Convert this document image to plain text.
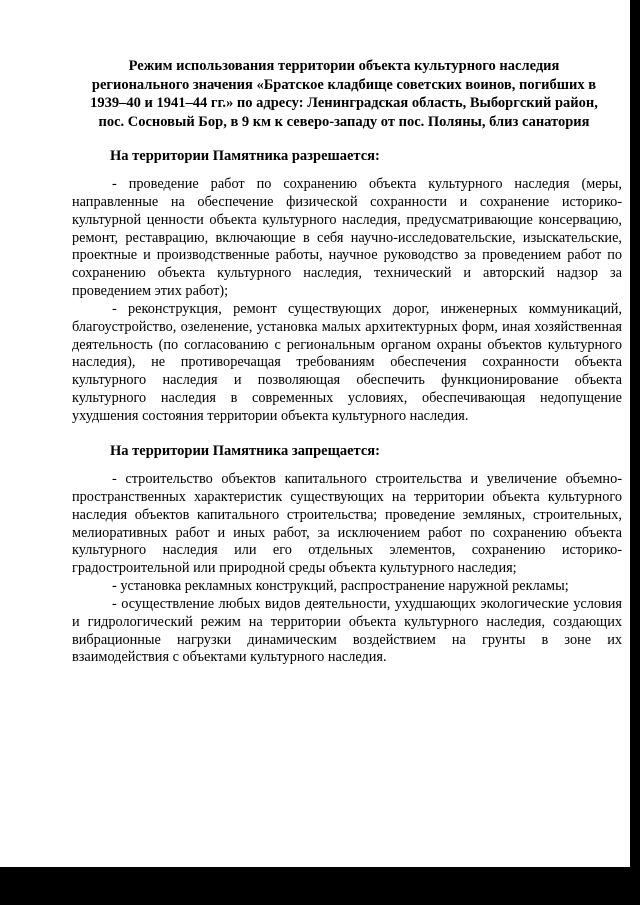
Режим использования территории объекта культурного наследия
регионального значения «Братское кладбище советских воинов, погибших в
1939–40 и 1941–44 гг.» по адресу: Ленинградская область, Выборгский район,
пос. Сосновый Бор, в 9 км к северо-западу от пос. Поляны, близ санатория
На территории Памятника разрешается:

- проведение работ по сохранению объекта культурного наследия (меры, направленные на обеспечение физической сохранности и сохранение историко-культурной ценности объекта культурного наследия, предусматривающие консервацию, ремонт, реставрацию, включающие в себя научно-исследовательские, изыскательские, проектные и производственные работы, научное руководство за проведением работ по сохранению объекта культурного наследия, технический и авторский надзор за проведением этих работ);

- реконструкция, ремонт существующих дорог, инженерных коммуникаций, благоустройство, озеленение, установка малых архитектурных форм, иная хозяйственная деятельность (по согласованию с региональным органом охраны объектов культурного наследия), не противоречащая требованиям обеспечения сохранности объекта культурного наследия и позволяющая обеспечить функционирование объекта культурного наследия в современных условиях, обеспечивающая недопущение ухудшения состояния территории объекта культурного наследия.

На территории Памятника запрещается:

- строительство объектов капитального строительства и увеличение объемно-пространственных характеристик существующих на территории объекта культурного наследия объектов капитального строительства; проведение земляных, строительных, мелиоративных работ и иных работ, за исключением работ по сохранению объекта культурного наследия или его отдельных элементов, сохранению историко-градостроительной или природной среды объекта культурного наследия;

- установка рекламных конструкций, распространение наружной рекламы;

- осуществление любых видов деятельности, ухудшающих экологические условия и гидрологический режим на территории объекта культурного наследия, создающих вибрационные нагрузки динамическим воздействием на грунты в зоне их взаимодействия с объектами культурного наследия.
